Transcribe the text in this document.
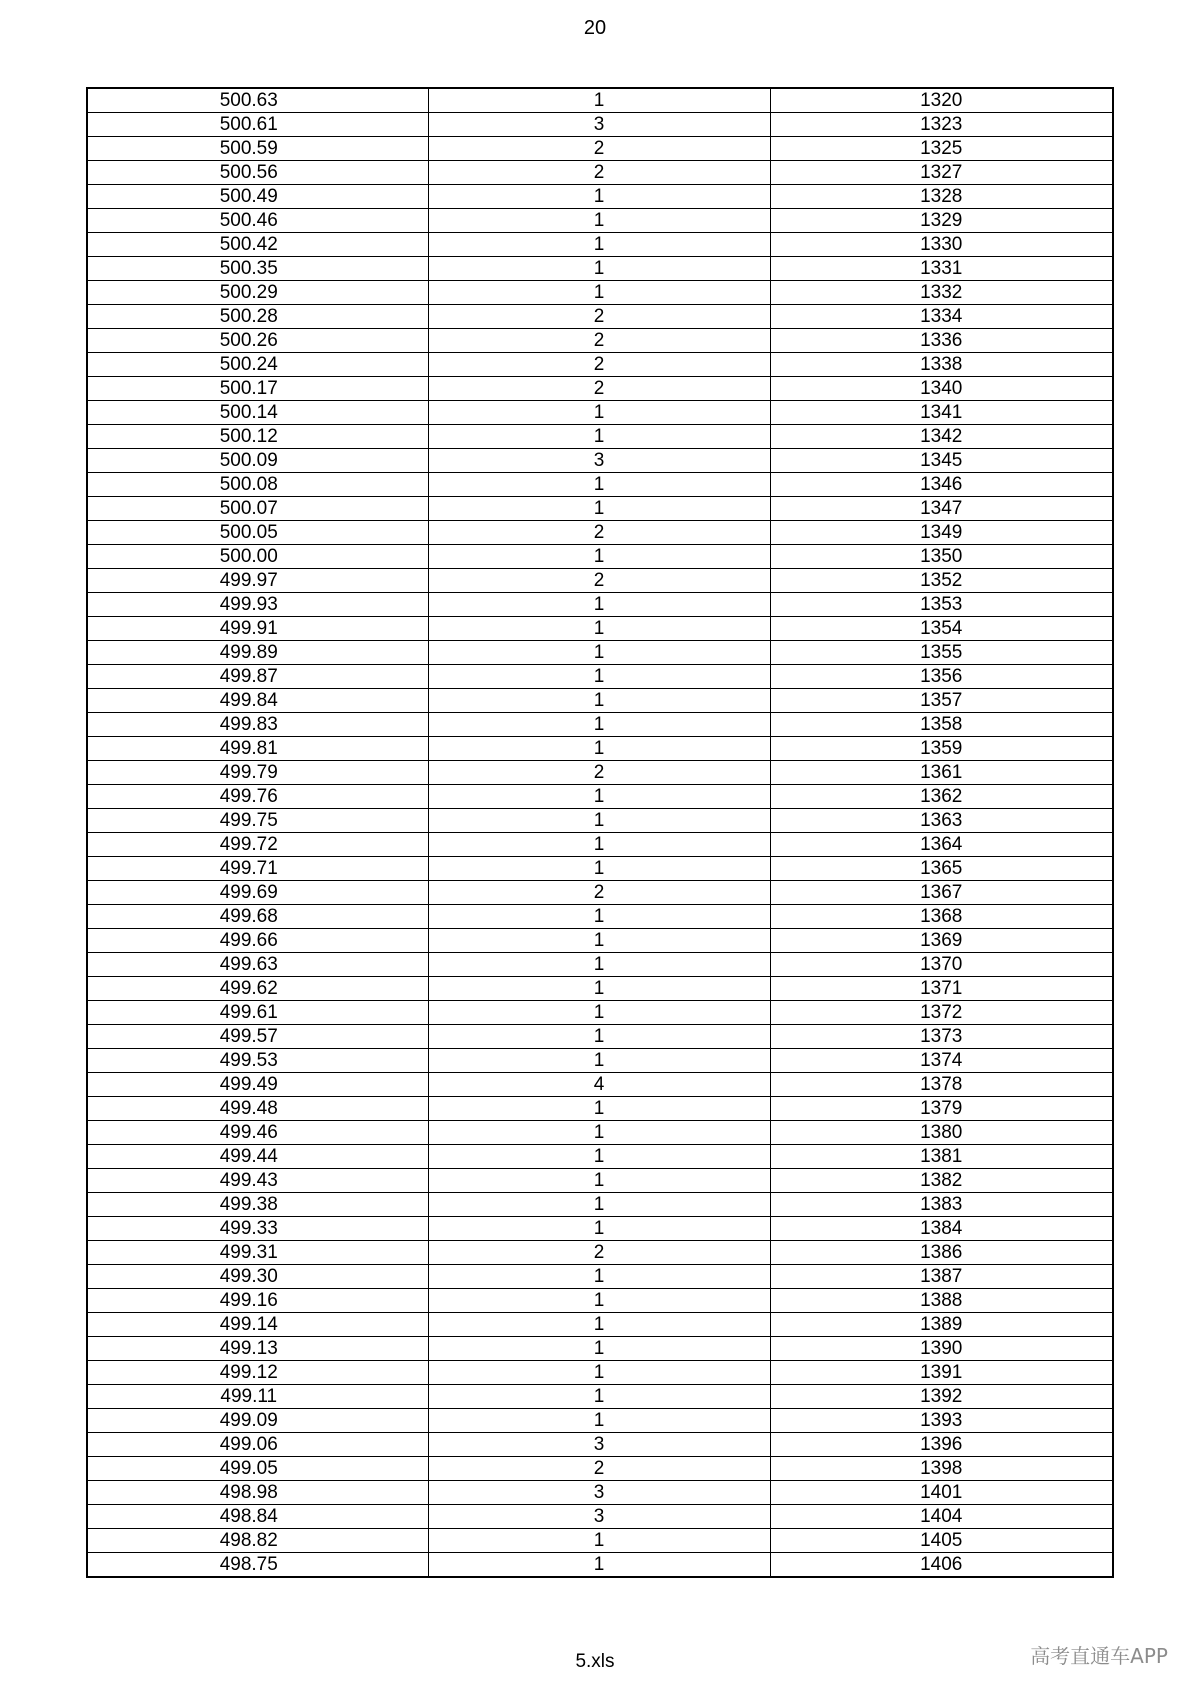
20
500.63	1	1320
500.61	3	1323
500.59	2	1325
500.56	2	1327
500.49	1	1328
500.46	1	1329
500.42	1	1330
500.35	1	1331
500.29	1	1332
500.28	2	1334
500.26	2	1336
500.24	2	1338
500.17	2	1340
500.14	1	1341
500.12	1	1342
500.09	3	1345
500.08	1	1346
500.07	1	1347
500.05	2	1349
500.00	1	1350
499.97	2	1352
499.93	1	1353
499.91	1	1354
499.89	1	1355
499.87	1	1356
499.84	1	1357
499.83	1	1358
499.81	1	1359
499.79	2	1361
499.76	1	1362
499.75	1	1363
499.72	1	1364
499.71	1	1365
499.69	2	1367
499.68	1	1368
499.66	1	1369
499.63	1	1370
499.62	1	1371
499.61	1	1372
499.57	1	1373
499.53	1	1374
499.49	4	1378
499.48	1	1379
499.46	1	1380
499.44	1	1381
499.43	1	1382
499.38	1	1383
499.33	1	1384
499.31	2	1386
499.30	1	1387
499.16	1	1388
499.14	1	1389
499.13	1	1390
499.12	1	1391
499.11	1	1392
499.09	1	1393
499.06	3	1396
499.05	2	1398
498.98	3	1401
498.84	3	1404
498.82	1	1405
498.75	1	1406
5.xls	高考直通车APP
